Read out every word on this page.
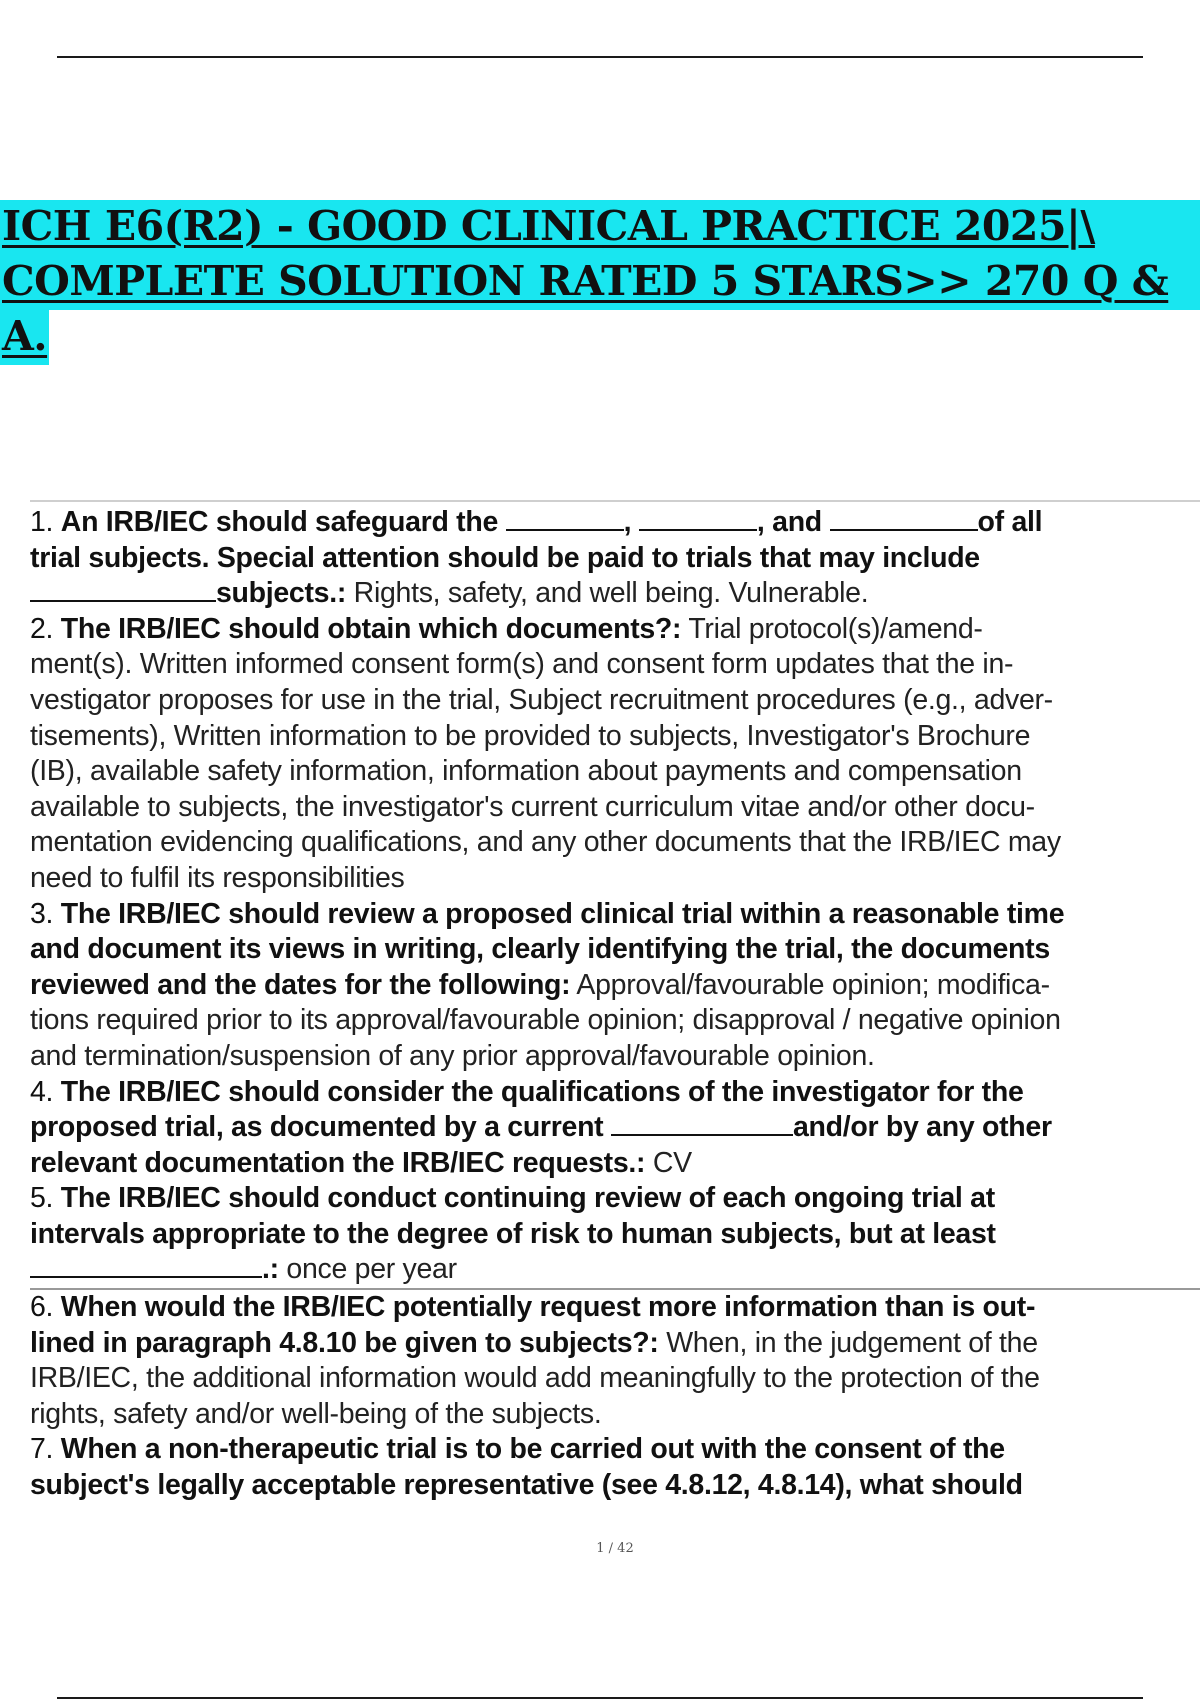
ICH E6(R2) - GOOD CLINICAL PRACTICE 2025|\
COMPLETE SOLUTION RATED 5 STARS>> 270 Q &
A.

1. An IRB/IEC should safeguard the	,	, and	of all

trial subjects. Special attention should be paid to trials that may include

subjects.: Rights, safety, and well being. Vulnerable.

2. The IRB/IEC should obtain which documents?: Trial protocol(s)/amend-

ment(s). Written informed consent form(s) and consent form updates that the in-

vestigator proposes for use in the trial, Subject recruitment procedures (e.g., adver-

tisements), Written information to be provided to subjects, Investigator's Brochure

(IB), available safety information, information about payments and compensation

available to subjects, the investigator's current curriculum vitae and/or other docu-

mentation evidencing qualifications, and any other documents that the IRB/IEC may

need to fulfil its responsibilities

3. The IRB/IEC should review a proposed clinical trial within a reasonable time

and document its views in writing, clearly identifying the trial, the documents

reviewed and the dates for the following: Approval/favourable opinion; modifica-

tions required prior to its approval/favourable opinion; disapproval / negative opinion

and termination/suspension of any prior approval/favourable opinion.

4. The IRB/IEC should consider the qualifications of the investigator for the

proposed trial, as documented by a current	and/or by any other

relevant documentation the IRB/IEC requests.: CV

5. The IRB/IEC should conduct continuing review of each ongoing trial at

intervals appropriate to the degree of risk to human subjects, but at least

.: once per year

6. When would the IRB/IEC potentially request more information than is out-

lined in paragraph 4.8.10 be given to subjects?: When, in the judgement of the

IRB/IEC, the additional information would add meaningfully to the protection of the

rights, safety and/or well-being of the subjects.

7. When a non-therapeutic trial is to be carried out with the consent of the

subject's legally acceptable representative (see 4.8.12, 4.8.14), what should

1 / 42
